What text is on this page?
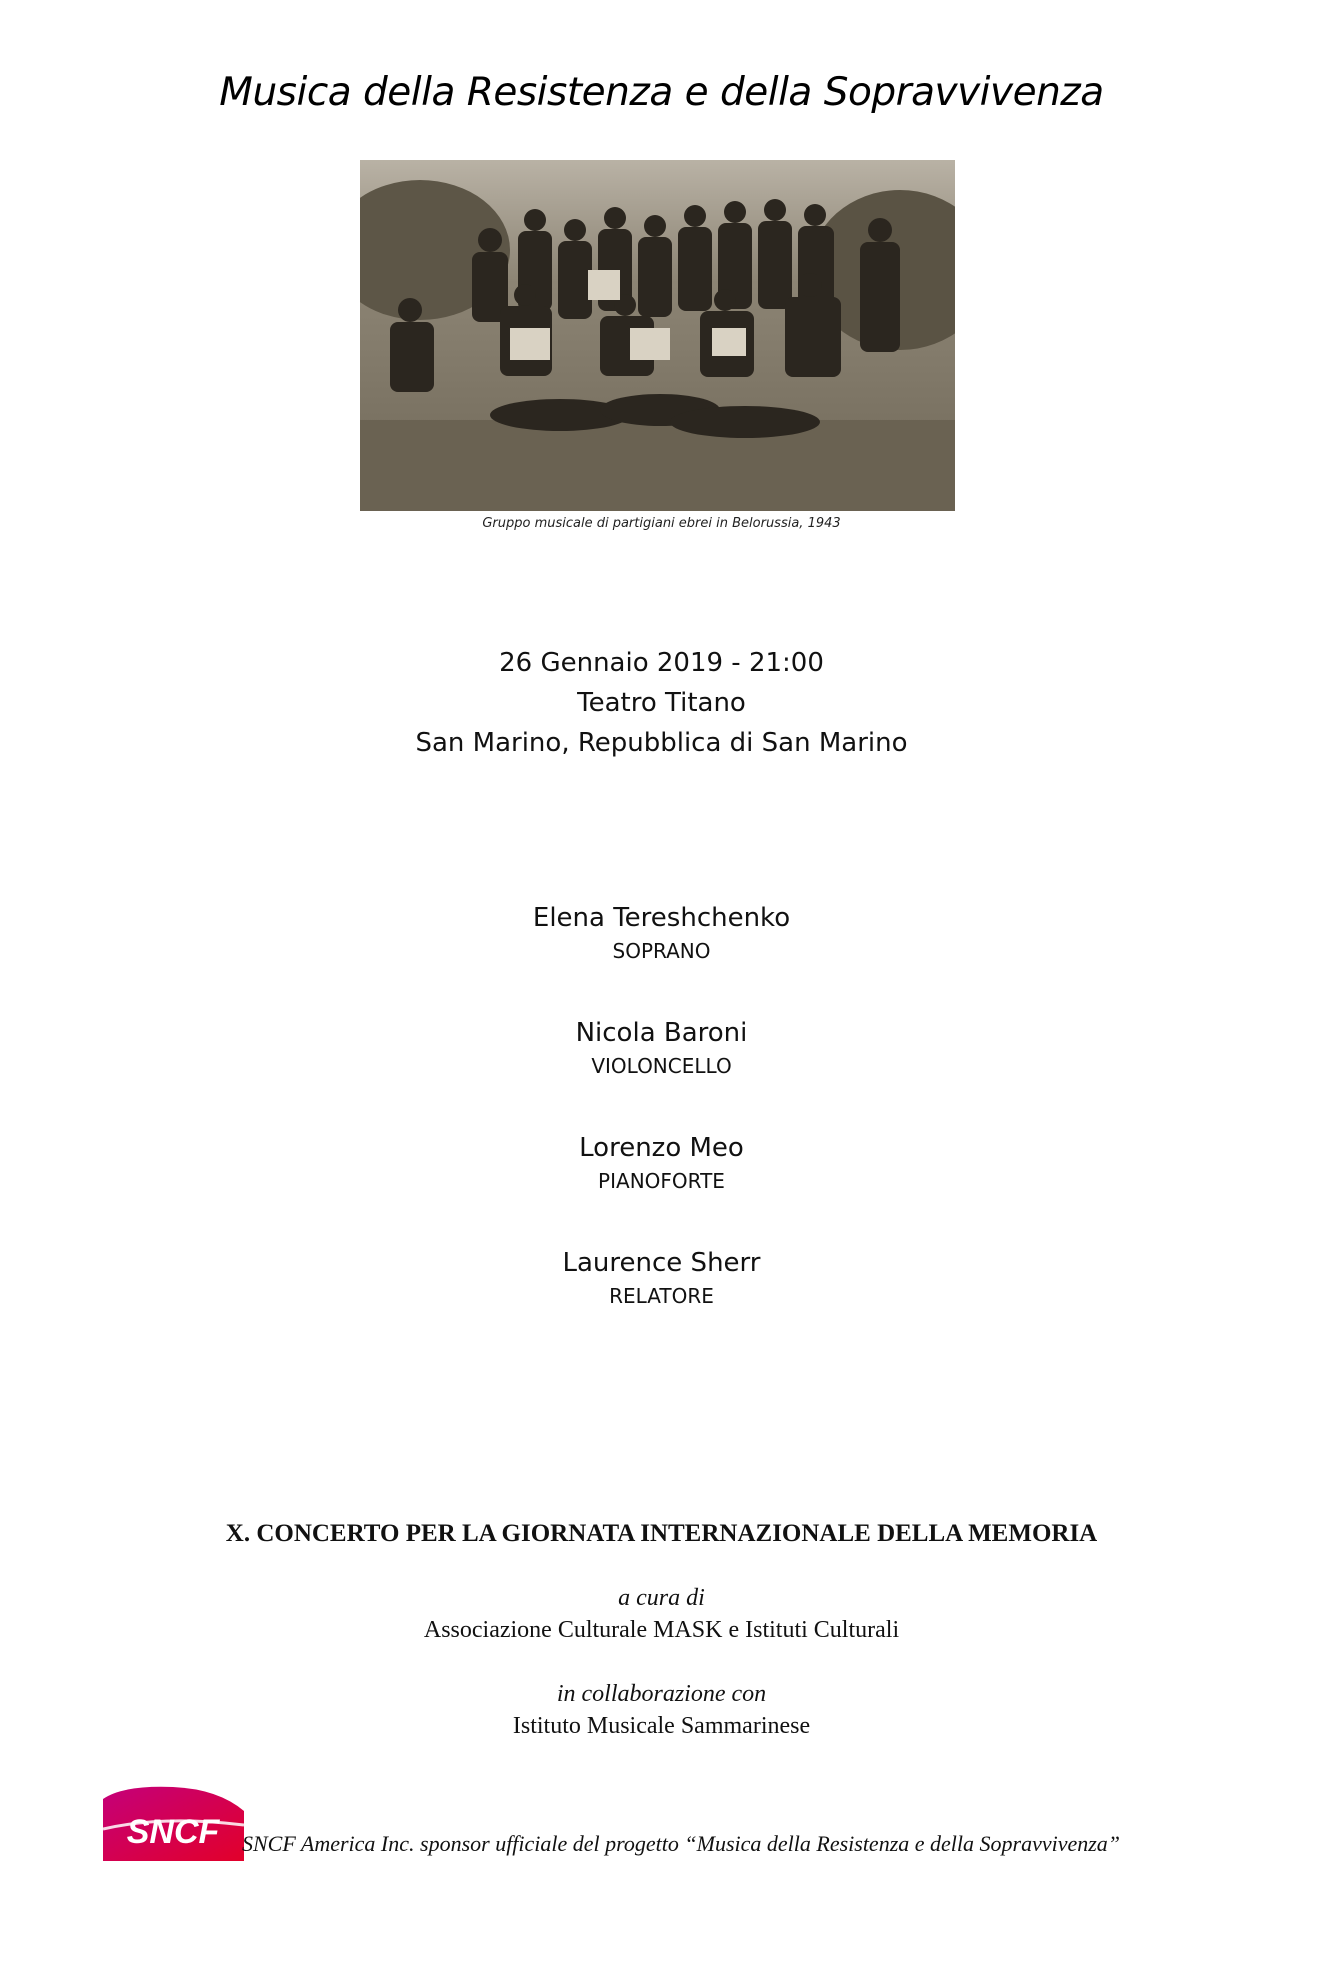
Musica della Resistenza e della Sopravvivenza
Gruppo musicale di partigiani ebrei in Belorussia, 1943
26 Gennaio 2019 - 21:00
Teatro Titano
San Marino, Repubblica di San Marino
Elena Tereshchenko
SOPRANO
Nicola Baroni
VIOLONCELLO
Lorenzo Meo
PIANOFORTE
Laurence Sherr
RELATORE
X. CONCERTO PER LA GIORNATA INTERNAZIONALE DELLA MEMORIA
a cura di
Associazione Culturale MASK e Istituti Culturali
in collaborazione con
Istituto Musicale Sammarinese
SNCF SNCF America Inc. sponsor ufficiale del progetto “Musica della Resistenza e della Sopravvivenza”
